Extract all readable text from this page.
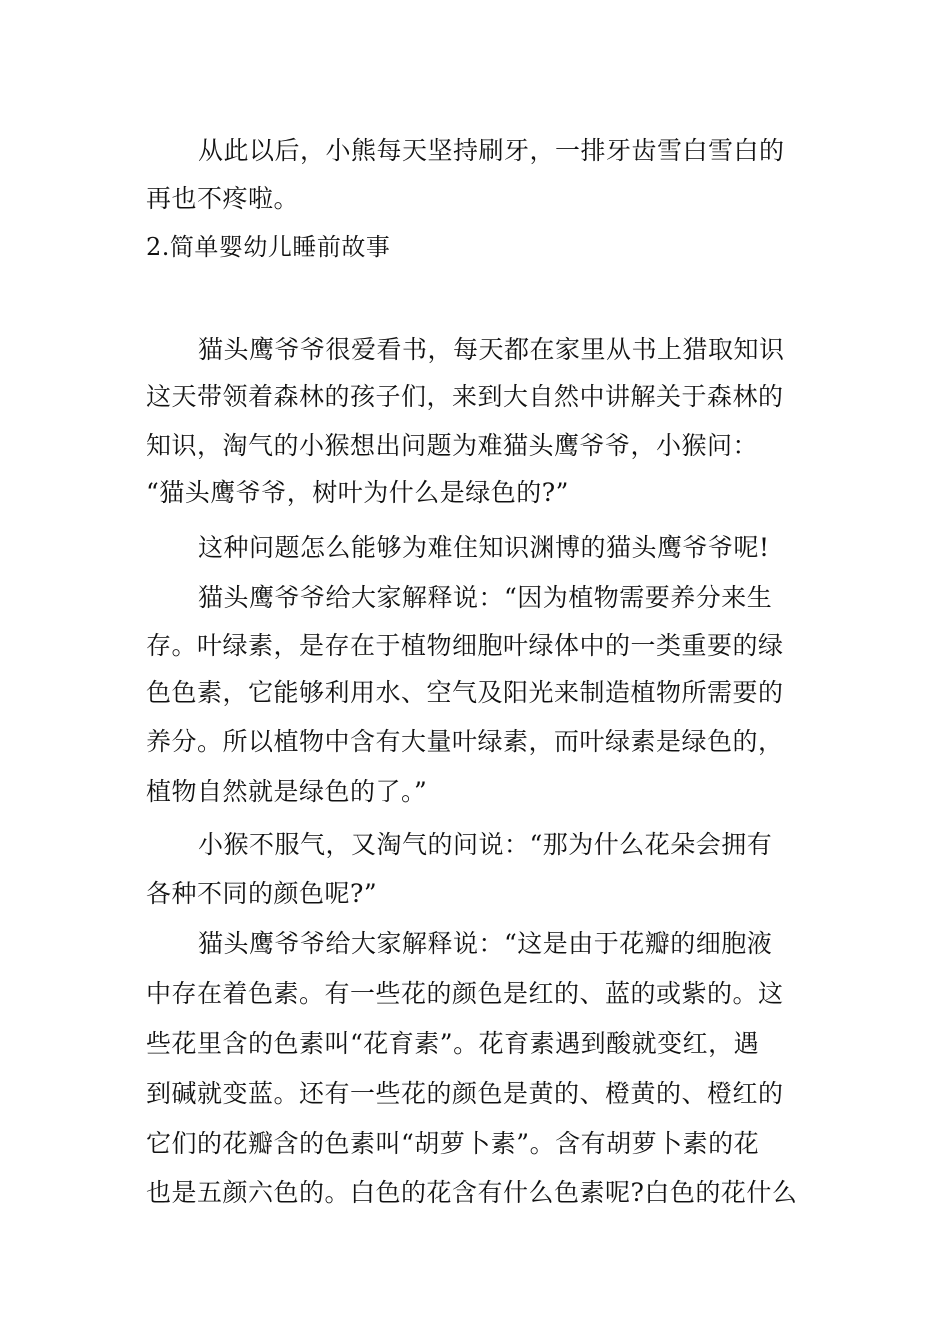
从此以后，小熊每天坚持刷牙，一排牙齿雪白雪白的
再也不疼啦。
2.简单婴幼儿睡前故事
猫头鹰爷爷很爱看书，每天都在家里从书上猎取知识
这天带领着森林的孩子们，来到大自然中讲解关于森林的
知识，淘气的小猴想出问题为难猫头鹰爷爷，小猴问：
“猫头鹰爷爷，树叶为什么是绿色的?”
这种问题怎么能够为难住知识渊博的猫头鹰爷爷呢!
猫头鹰爷爷给大家解释说：“因为植物需要养分来生
存。叶绿素，是存在于植物细胞叶绿体中的一类重要的绿
色色素，它能够利用水、空气及阳光来制造植物所需要的
养分。所以植物中含有大量叶绿素，而叶绿素是绿色的，
植物自然就是绿色的了。”
小猴不服气，又淘气的问说：“那为什么花朵会拥有
各种不同的颜色呢?”
猫头鹰爷爷给大家解释说：“这是由于花瓣的细胞液
中存在着色素。有一些花的颜色是红的、蓝的或紫的。这
些花里含的色素叫“花育素”。花育素遇到酸就变红，遇
到碱就变蓝。还有一些花的颜色是黄的、橙黄的、橙红的
它们的花瓣含的色素叫“胡萝卜素”。含有胡萝卜素的花
也是五颜六色的。白色的花含有什么色素呢?白色的花什么
